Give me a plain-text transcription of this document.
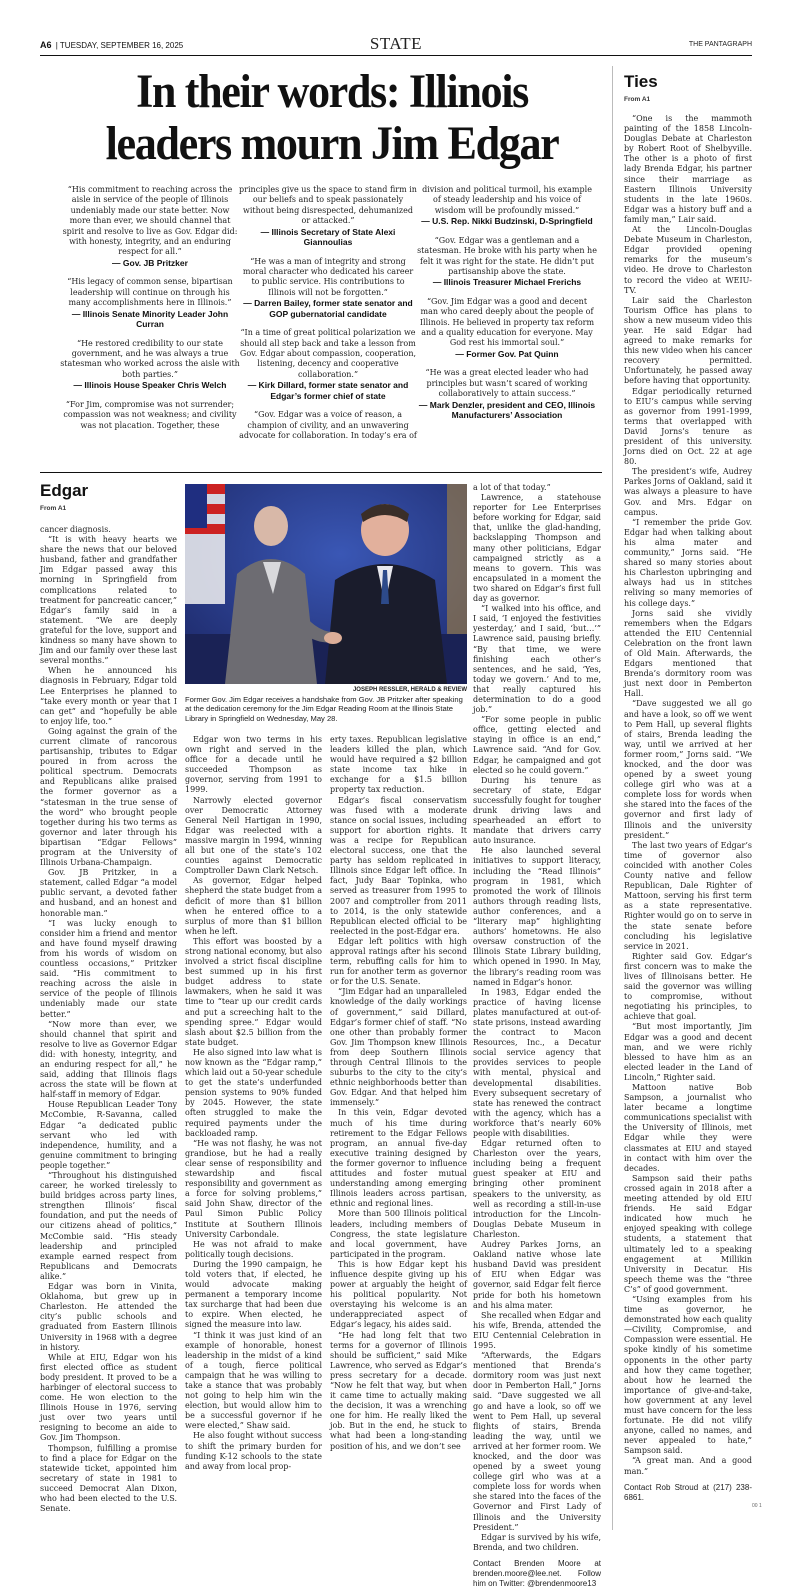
A6 | TUESDAY, SEPTEMBER 16, 2025	STATE	THE PANTAGRAPH
In their words: Illinois leaders mourn Jim Edgar
“His commitment to reaching across the aisle in service of the people of Illinois undeniably made our state better. Now more than ever, we should channel that spirit and resolve to live as Gov. Edgar did: with honesty, integrity, and an enduring respect for all.”
— Gov. JB Pritzker
“His legacy of common sense, bipartisan leadership will continue on through his many accomplishments here in Illinois.”
— Illinois Senate Minority Leader John Curran
“He restored credibility to our state government, and he was always a true statesman who worked across the aisle with both parties.”
— Illinois House Speaker Chris Welch
“For Jim, compromise was not surrender; compassion was not weakness; and civility was not placation. Together, these
principles give us the space to stand firm in our beliefs and to speak passionately without being disrespected, dehumanized or attacked.”
— Illinois Secretary of State Alexi Giannoulias
“He was a man of integrity and strong moral character who dedicated his career to public service. His contributions to Illinois will not be forgotten.”
— Darren Bailey, former state senator and GOP gubernatorial candidate
“In a time of great political polarization we should all step back and take a lesson from Gov. Edgar about compassion, cooperation, listening, decency and cooperative collaboration.”
— Kirk Dillard, former state senator and Edgar’s former chief of state
“Gov. Edgar was a voice of reason, a champion of civility, and an unwavering advocate for collaboration. In today’s era of
division and political turmoil, his example of steady leadership and his voice of wisdom will be profoundly missed.”
— U.S. Rep. Nikki Budzinski, D-Springfield
“Gov. Edgar was a gentleman and a statesman. He broke with his party when he felt it was right for the state. He didn’t put partisanship above the state.
— Illinois Treasurer Michael Frerichs
“Gov. Jim Edgar was a good and decent man who cared deeply about the people of Illinois. He believed in property tax reform and a quality education for everyone. May God rest his immortal soul.”
— Former Gov. Pat Quinn
“He was a great elected leader who had principles but wasn’t scared of working collaboratively to attain success.”
— Mark Denzler, president and CEO, Illinois Manufacturers’ Association
Ties
From A1

“One is the mammoth painting of the 1858 Lincoln-Douglas Debate at Charleston by Robert Root of Shelbyville. The other is a photo of first lady Brenda Edgar, his partner since their marriage as Eastern Illinois University students in the late 1960s. Edgar was a history buff and a family man,” Lair said.

At the Lincoln-Douglas Debate Museum in Charleston, Edgar provided opening remarks for the museum’s video. He drove to Charleston to record the video at WEIU-TV.

Lair said the Charleston Tourism Office has plans to show a new museum video this year. He said Edgar had agreed to make remarks for this new video when his cancer recovery permitted. Unfortunately, he passed away before having that opportunity.

Edgar periodically returned to EIU’s campus while serving as governor from 1991-1999, terms that overlapped with David Jorns’s tenure as president of this university. Jorns died on Oct. 22 at age 80.

The president’s wife, Audrey Parkes Jorns of Oakland, said it was always a pleasure to have Gov. and Mrs. Edgar on campus.

“I remember the pride Gov. Edgar had when talking about his alma mater and community,” Jorns said. “He shared so many stories about his Charleston upbringing and always had us in stitches reliving so many memories of his college days.”

Jorns said she vividly remembers when the Edgars attended the EIU Centennial Celebration on the front lawn of Old Main. Afterwards, the Edgars mentioned that Brenda’s dormitory room was just next door in Pemberton Hall.

“Dave suggested we all go and have a look, so off we went to Pem Hall, up several flights of stairs, Brenda leading the way, until we arrived at her former room,” Jorns said. “We knocked, and the door was opened by a sweet young college girl who was at a complete loss for words when she stared into the faces of the governor and first lady of Illinois and the university president.”

The last two years of Edgar’s time of governor also coincided with another Coles County native and fellow Republican, Dale Righter of Mattoon, serving his first term as a state representative. Righter would go on to serve in the state senate before concluding his legislative service in 2021.

Righter said Gov. Edgar’s first concern was to make the lives of Illinoisans better. He said the governor was willing to compromise, without negotiating his principles, to achieve that goal.

“But most importantly, Jim Edgar was a good and decent man, and we were richly blessed to have him as an elected leader in the Land of Lincoln,” Righter said.

Mattoon native Bob Sampson, a journalist who later became a longtime communications specialist with the University of Illinois, met Edgar while they were classmates at EIU and stayed in contact with him over the decades.

Sampson said their paths crossed again in 2018 after a meeting attended by old EIU friends. He said Edgar indicated how much he enjoyed speaking with college students, a statement that ultimately led to a speaking engagement at Millikin University in Decatur. His speech theme was the “three C’s” of good government.

“Using examples from his time as governor, he demonstrated how each quality—Civility, Compromise, and Compassion were essential. He spoke kindly of his sometime opponents in the other party and how they came together, about how he learned the importance of give-and-take, how government at any level must have concern for the less fortunate. He did not vilify anyone, called no names, and never appealed to hate,” Sampson said.

“A great man. And a good man.”

Contact Rob Stroud at (217) 238-6861.

Edgar
From A1

cancer diagnosis.

“It is with heavy hearts we share the news that our beloved husband, father and grandfather Jim Edgar passed away this morning in Springfield from complications related to treatment for pancreatic cancer,” Edgar’s family said in a statement. “We are deeply grateful for the love, support and kindness so many have shown to Jim and our family over these last several months.”

When he announced his diagnosis in February, Edgar told Lee Enterprises he planned to “take every month or year that I can get” and “hopefully be able to enjoy life, too.”

Going against the grain of the current climate of rancorous partisanship, tributes to Edgar poured in from across the political spectrum. Democrats and Republicans alike praised the former governor as a “statesman in the true sense of the word” who brought people together during his two terms as governor and later through his bipartisan “Edgar Fellows” program at the University of Illinois Urbana-Champaign.

Gov. JB Pritzker, in a statement, called Edgar “a model public servant, a devoted father and husband, and an honest and honorable man.”

“I was lucky enough to consider him a friend and mentor and have found myself drawing from his words of wisdom on countless occasions,” Pritzker said. “His commitment to reaching across the aisle in service of the people of Illinois undeniably made our state better.”

“Now more than ever, we should channel that spirit and resolve to live as Governor Edgar did: with honesty, integrity, and an enduring respect for all,” he said, adding that Illinois flags across the state will be flown at half-staff in memory of Edgar.

House Republican Leader Tony McCombie, R-Savanna, called Edgar “a dedicated public servant who led with independence, humility, and a genuine commitment to bringing people together.”

“Throughout his distinguished career, he worked tirelessly to build bridges across party lines, strengthen Illinois’ fiscal foundation, and put the needs of our citizens ahead of politics,” McCombie said. “His steady leadership and principled example earned respect from Republicans and Democrats alike.”

Edgar was born in Vinita, Oklahoma, but grew up in Charleston. He attended the city’s public schools and graduated from Eastern Illinois University in 1968 with a degree in history.

While at EIU, Edgar won his first elected office as student body president. It proved to be a harbinger of electoral success to come. He won election to the Illinois House in 1976, serving just over two years until resigning to become an aide to Gov. Jim Thompson.

Thompson, fulfilling a promise to find a place for Edgar on the statewide ticket, appointed him secretary of state in 1981 to succeed Democrat Alan Dixon, who had been elected to the U.S. Senate.

Edgar won two terms in his own right and served in the office for a decade until he succeeded Thompson as governor, serving from 1991 to 1999.

Narrowly elected governor over Democratic Attorney General Neil Hartigan in 1990, Edgar was reelected with a massive margin in 1994, winning all but one of the state’s 102 counties against Democratic Comptroller Dawn Clark Netsch.

As governor, Edgar helped shepherd the state budget from a deficit of more than $1 billion when he entered office to a surplus of more than $1 billion when he left.

This effort was boosted by a strong national economy, but also involved a strict fiscal discipline best summed up in his first budget address to state lawmakers, when he said it was time to “tear up our credit cards and put a screeching halt to the spending spree.” Edgar would slash about $2.5 billion from the state budget.

He also signed into law what is now known as the “Edgar ramp,” which laid out a 50-year schedule to get the state’s underfunded pension systems to 90% funded by 2045. However, the state often struggled to make the required payments under the backloaded ramp.

“He was not flashy, he was not grandiose, but he had a really clear sense of responsibility and stewardship and fiscal responsibility and government as a force for solving problems,” said John Shaw, director of the Paul Simon Public Policy Institute at Southern Illinois University Carbondale.

He was not afraid to make politically tough decisions.

During the 1990 campaign, he told voters that, if elected, he would advocate making permanent a temporary income tax surcharge that had been due to expire. When elected, he signed the measure into law.

“I think it was just kind of an example of honorable, honest leadership in the midst of a kind of a tough, fierce political campaign that he was willing to take a stance that was probably not going to help him win the election, but would allow him to be a successful governor if he were elected,” Shaw said.

He also fought without success to shift the primary burden for funding K-12 schools to the state and away from local prop-

erty taxes. Republican legislative leaders killed the plan, which would have required a $2 billion state income tax hike in exchange for a $1.5 billion property tax reduction.

Edgar’s fiscal conservatism was fused with a moderate stance on social issues, including support for abortion rights. It was a recipe for Republican electoral success, one that the party has seldom replicated in Illinois since Edgar left office. In fact, Judy Baar Topinka, who served as treasurer from 1995 to 2007 and comptroller from 2011 to 2014, is the only statewide Republican elected official to be reelected in the post-Edgar era.

Edgar left politics with high approval ratings after his second term, rebuffing calls for him to run for another term as governor or for the U.S. Senate.

“Jim Edgar had an unparalleled knowledge of the daily workings of government,” said Dillard, Edgar’s former chief of staff. “No one other than probably former Gov. Jim Thompson knew Illinois from deep Southern Illinois through Central Illinois to the suburbs to the city to the city’s ethnic neighborhoods better than Gov. Edgar. And that helped him immensely.”

In this vein, Edgar devoted much of his time during retirement to the Edgar Fellows program, an annual five-day executive training designed by the former governor to influence attitudes and foster mutual understanding among emerging Illinois leaders across partisan, ethnic and regional lines.

More than 500 Illinois political leaders, including members of Congress, the state legislature and local government, have participated in the program.

This is how Edgar kept his influence despite giving up his power at arguably the height of his political popularity. Not overstaying his welcome is an underappreciated aspect of Edgar’s legacy, his aides said.

“He had long felt that two terms for a governor of Illinois should be sufficient,” said Mike Lawrence, who served as Edgar’s press secretary for a decade. “Now he felt that way, but when it came time to actually making the decision, it was a wrenching one for him. He really liked the job. But in the end, he stuck to what had been a long-standing position of his, and we don’t see

a lot of that today.”

Lawrence, a statehouse reporter for Lee Enterprises before working for Edgar, said that, unlike the glad-handing, backslapping Thompson and many other politicians, Edgar campaigned strictly as a means to govern. This was encapsulated in a moment the two shared on Edgar’s first full day as governor.

“I walked into his office, and I said, ‘I enjoyed the festivities yesterday,’ and I said, ‘but…’” Lawrence said, pausing briefly. “By that time, we were finishing each other’s sentences, and he said, ‘Yes, today we govern.’ And to me, that really captured his determination to do a good job.”

“For some people in public office, getting elected and staying in office is an end,” Lawrence said. “And for Gov. Edgar, he campaigned and got elected so he could govern.”

During his tenure as secretary of state, Edgar successfully fought for tougher drunk driving laws and spearheaded an effort to mandate that drivers carry auto insurance.

He also launched several initiatives to support literacy, including the “Read Illinois” program in 1981, which promoted the work of Illinois authors through reading lists, author conferences, and a “literary map” highlighting authors’ hometowns. He also oversaw construction of the Illinois State Library building, which opened in 1990. In May, the library’s reading room was named in Edgar’s honor.

In 1983, Edgar ended the practice of having license plates manufactured at out-of-state prisons, instead awarding the contract to Macon Resources, Inc., a Decatur social service agency that provides services to people with mental, physical and developmental disabilities. Every subsequent secretary of state has renewed the contract with the agency, which has a workforce that’s nearly 60% people with disabilities.

Edgar returned often to Charleston over the years, including being a frequent guest speaker at EIU and bringing other prominent speakers to the university, as well as recording a still-in-use introduction for the Lincoln-Douglas Debate Museum in Charleston.

Audrey Parkes Jorns, an Oakland native whose late husband David was president of EIU when Edgar was governor, said Edgar felt fierce pride for both his hometown and his alma mater.

She recalled when Edgar and his wife, Brenda, attended the EIU Centennial Celebration in 1995.

“Afterwards, the Edgars mentioned that Brenda’s dormitory room was just next door in Pemberton Hall,” Jorns said. “Dave suggested we all go and have a look, so off we went to Pem Hall, up several flights of stairs, Brenda leading the way, until we arrived at her former room. We knocked, and the door was opened by a sweet young college girl who was at a complete loss for words when she stared into the faces of the Governor and First Lady of Illinois and the University President.”

Edgar is survived by his wife, Brenda, and two children.

Contact Brenden Moore at brenden.moore@lee.net. Follow him on Twitter: @brendenmoore13

JOSEPH RESSLER, HERALD & REVIEW
Former Gov. Jim Edgar receives a handshake from Gov. JB Pritzker after speaking at the dedication ceremony for the Jim Edgar Reading Room at the Illinois State Library in Springfield on Wednesday, May 28.
00 1
